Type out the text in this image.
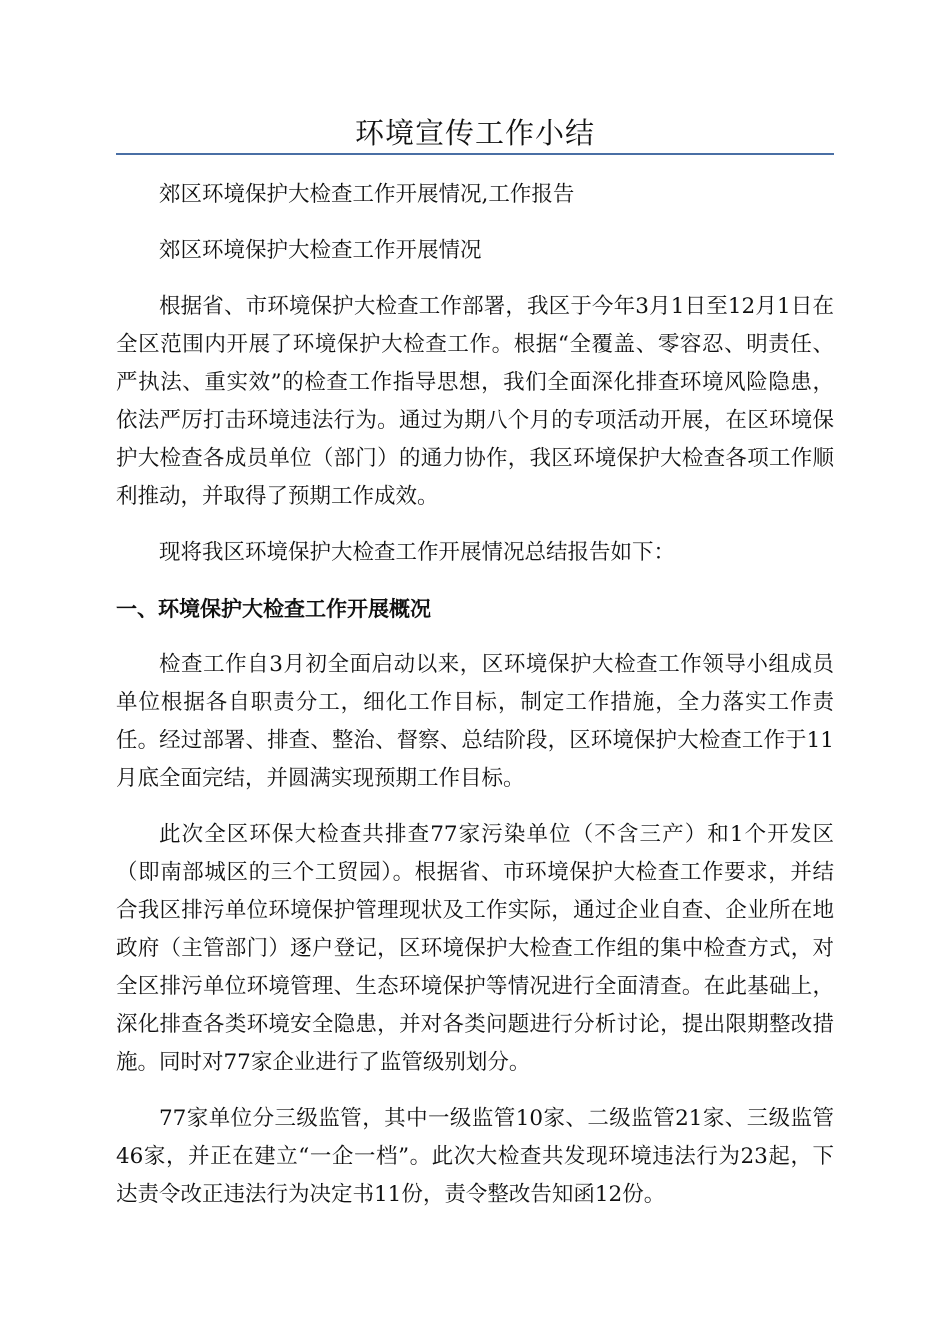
环境宣传工作小结

郊区环境保护大检查工作开展情况,工作报告

郊区环境保护大检查工作开展情况

根据省、市环境保护大检查工作部署，我区于今年3月1日至12月1日在全区范围内开展了环境保护大检查工作。根据“全覆盖、零容忍、明责任、严执法、重实效”的检查工作指导思想，我们全面深化排查环境风险隐患，依法严厉打击环境违法行为。通过为期八个月的专项活动开展，在区环境保护大检查各成员单位（部门）的通力协作，我区环境保护大检查各项工作顺利推动，并取得了预期工作成效。

现将我区环境保护大检查工作开展情况总结报告如下：

一、环境保护大检查工作开展概况

检查工作自3月初全面启动以来，区环境保护大检查工作领导小组成员单位根据各自职责分工，细化工作目标，制定工作措施，全力落实工作责任。经过部署、排查、整治、督察、总结阶段，区环境保护大检查工作于11月底全面完结，并圆满实现预期工作目标。

此次全区环保大检查共排查77家污染单位（不含三产）和1个开发区（即南部城区的三个工贸园）。根据省、市环境保护大检查工作要求，并结合我区排污单位环境保护管理现状及工作实际，通过企业自查、企业所在地政府（主管部门）逐户登记，区环境保护大检查工作组的集中检查方式，对全区排污单位环境管理、生态环境保护等情况进行全面清查。在此基础上，深化排查各类环境安全隐患，并对各类问题进行分析讨论，提出限期整改措施。同时对77家企业进行了监管级别划分。

77家单位分三级监管，其中一级监管10家、二级监管21家、三级监管46家，并正在建立“一企一档”。此次大检查共发现环境违法行为23起，下达责令改正违法行为决定书11份，责令整改告知函12份。
